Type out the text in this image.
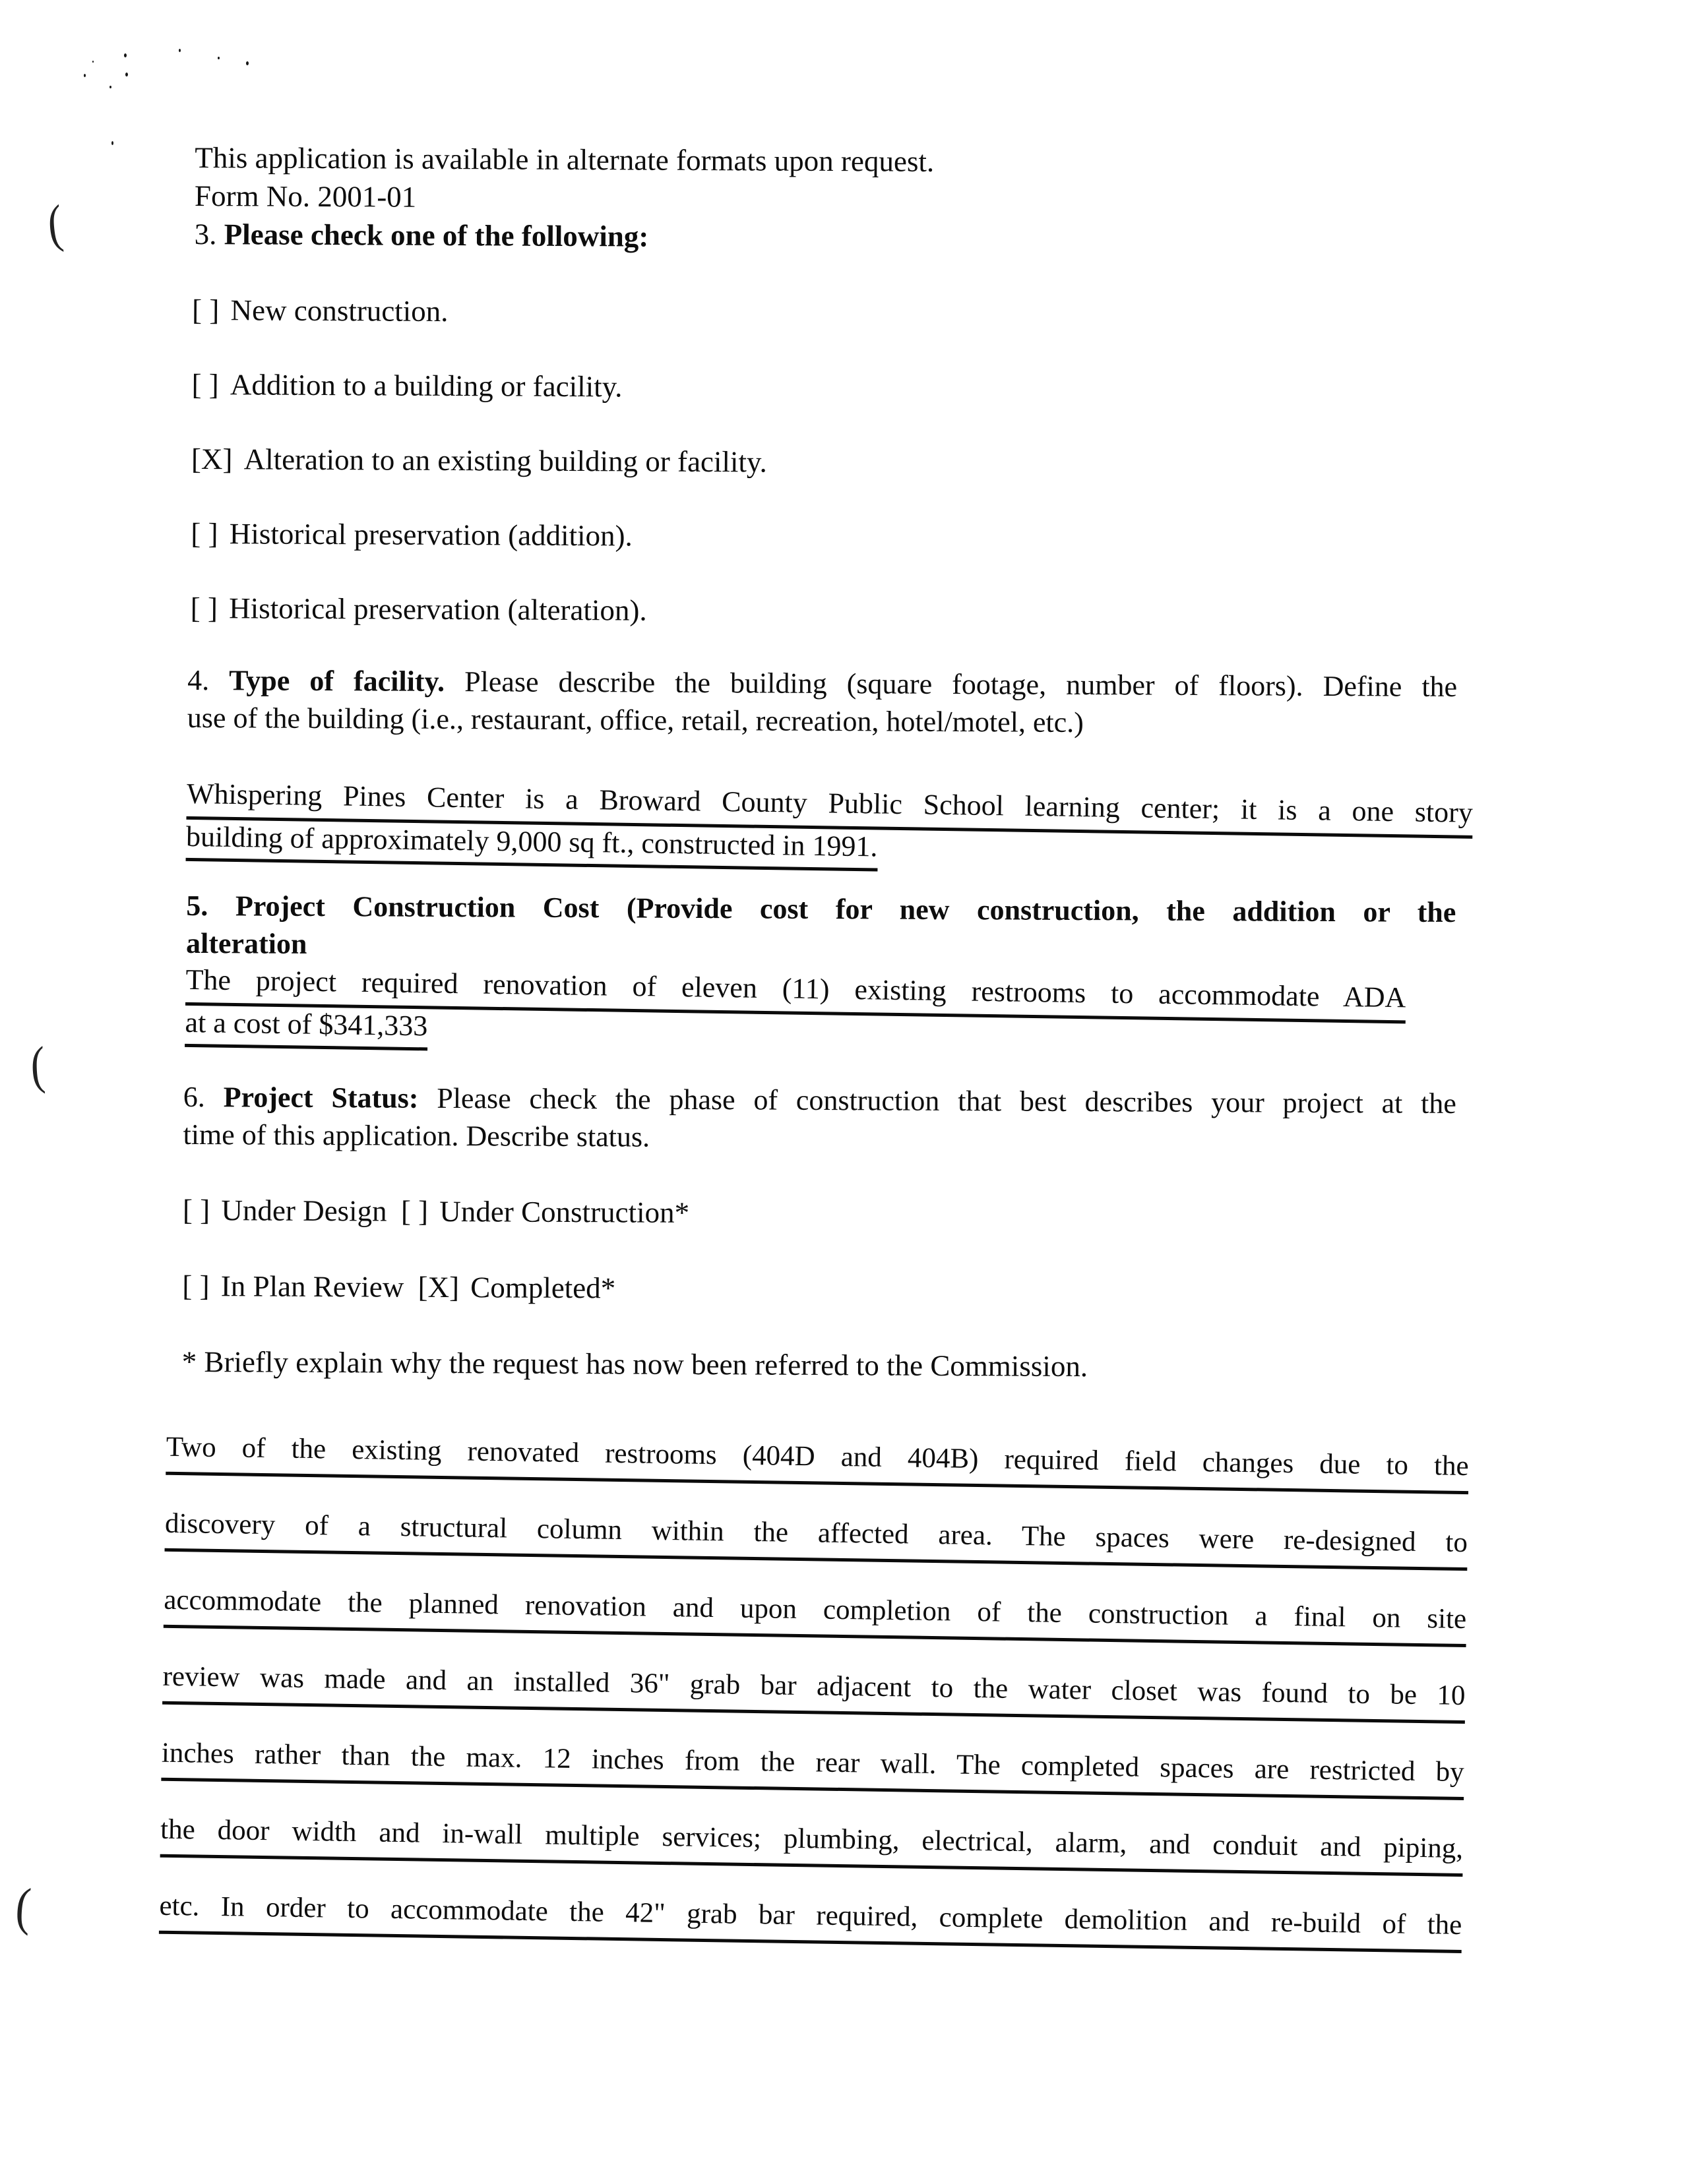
(
(
(
This application is available in alternate formats upon request.
Form No. 2001-01
3. Please check one of the following:
[ ] New construction.
[ ] Addition to a building or facility.
[X] Alteration to an existing building or facility.
[ ] Historical preservation (addition).
[ ] Historical preservation (alteration).
4. Type of facility. Please describe the building (square footage, number of floors). Define the
use of the building (i.e., restaurant, office, retail, recreation, hotel/motel, etc.)
Whispering Pines Center is a Broward County Public School learning center; it is a one story
building of approximately 9,000 sq ft., constructed in 1991.
5. Project Construction Cost (Provide cost for new construction, the addition or the
alteration
The project required renovation of eleven (11) existing restrooms to accommodate ADA
at a cost of $341,333
6. Project Status: Please check the phase of construction that best describes your project at the
time of this application. Describe status.
[ ] Under Design [ ] Under Construction*
[ ] In Plan Review [X] Completed*
* Briefly explain why the request has now been referred to the Commission.
Two of the existing renovated restrooms (404D and 404B) required field changes due to the
discovery of a structural column within the affected area. The spaces were re-designed to
accommodate the planned renovation and upon completion of the construction a final on site
review was made and an installed 36" grab bar adjacent to the water closet was found to be 10
inches rather than the max. 12 inches from the rear wall. The completed spaces are restricted by
the door width and in-wall multiple services; plumbing, electrical, alarm, and conduit and piping,
etc. In order to accommodate the 42" grab bar required, complete demolition and re-build of the
